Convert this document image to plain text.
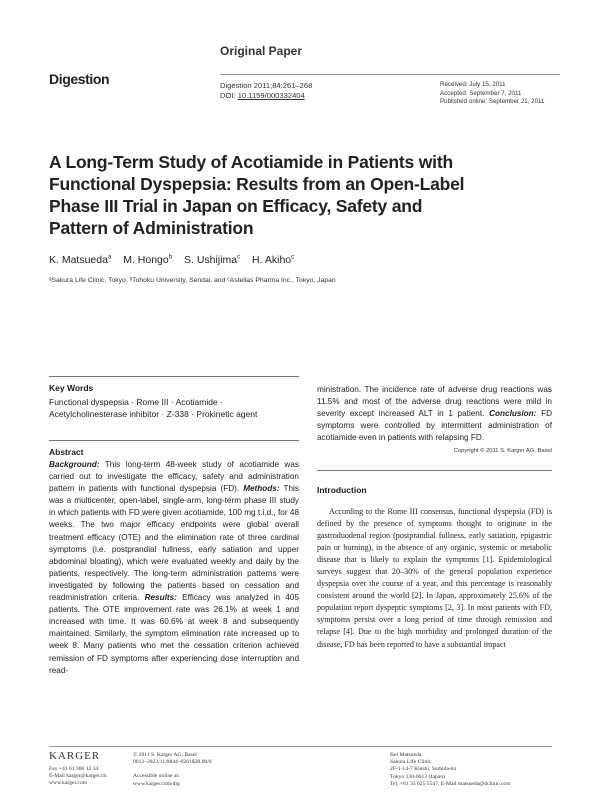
Original Paper
Digestion	Digestion 2011;84:261–268
DOI: 10.1159/000332404
Received: July 15, 2011
Accepted: September 7, 2011
Published online: September 21, 2011
A Long-Term Study of Acotiamide in Patients with Functional Dyspepsia: Results from an Open-Label Phase III Trial in Japan on Efficacy, Safety and Pattern of Administration
K. Matsueda$^a$ M. Hongo$^b$ S. Ushijima$^c$ H. Akiho$^c$
ᵃSakura Life Clinic, Tokyo, ᵇTohoku University, Sendai, and ᶜAstellas Pharma Inc., Tokyo, Japan
Key Words
Functional dyspepsia · Rome III · Acotiamide · Acetylcholinesterase inhibitor · Z-338 · Prokinetic agent
Abstract
Background: This long-term 48-week study of acotiamide was carried out to investigate the efficacy, safety and administration pattern in patients with functional dyspepsia (FD). Methods: This was a multicenter, open-label, single-arm, long-term phase III study in which patients with FD were given acotiamide, 100 mg t.i.d., for 48 weeks. The two major efficacy endpoints were global overall treatment efficacy (OTE) and the elimination rate of three cardinal symptoms (i.e. postprandial fullness, early satiation and upper abdominal bloating), which were evaluated weekly and daily by the patients, respectively. The long-term administration patterns were investigated by following the patients based on cessation and readministration criteria. Results: Efficacy was analyzed in 405 patients. The OTE improvement rate was 26.1% at week 1 and increased with time. It was 60.6% at week 8 and subsequently maintained. Similarly, the symptom elimination rate increased up to week 8. Many patients who met the cessation criterion achieved remission of FD symptoms after experiencing dose interruption and read-
ministration. The incidence rate of adverse drug reactions was 11.5% and most of the adverse drug reactions were mild in severity except increased ALT in 1 patient. Conclusion: FD symptoms were controlled by intermittent administration of acotiamide even in patients with relapsing FD.
Copyright © 2011 S. Karger AG, Basel
Introduction
According to the Rome III consensus, functional dyspepsia (FD) is defined by the presence of symptoms thought to originate in the gastroduodenal region (postprandial fullness, early satiation, epigastric pain or burning), in the absence of any organic, systemic or metabolic disease that is likely to explain the symptoms [1]. Epidemiological surveys suggest that 20–30% of the general population experience dyspepsia over the course of a year, and this percentage is reasonably consistent around the world [2]. In Japan, approximately 25.6% of the population report dyspeptic symptoms [2, 3]. In most patients with FD, symptoms persist over a long period of time through remission and relapse [4]. Due to the high morbidity and prolonged duration of the disease, FD has been reported to have a substantial impact
KARGER
Fax +41 61 306 12 34
E-Mail karger@karger.ch
www.karger.com
© 2011 S. Karger AG, Basel
0012–2823/11/0844–0261$38.00/0
Accessible online at:
www.karger.com/dig
Kei Matsueda
Sakura Life Clinic
2F-1-14-7 Kinshi, Sumida-ku
Tokyo 130-0013 (Japan)
Tel. +81 33 625 5547, E-Mail matsueda@dclinic.com
